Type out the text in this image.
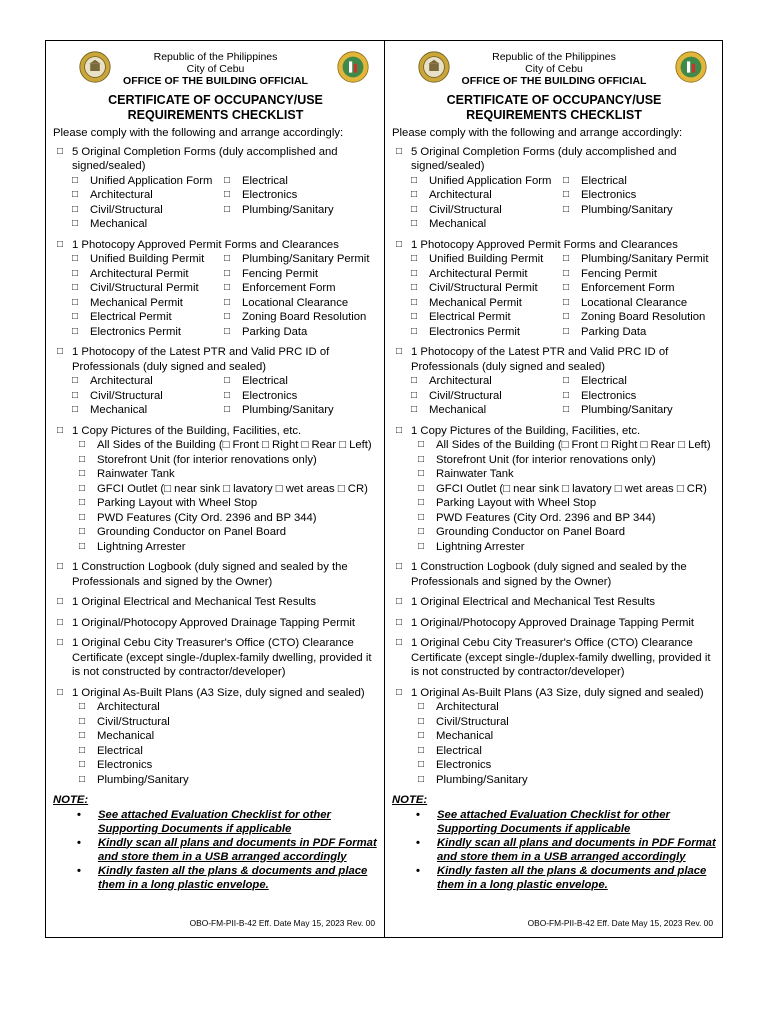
Republic of the Philippines
City of Cebu
OFFICE OF THE BUILDING OFFICIAL
CERTIFICATE OF OCCUPANCY/USE
REQUIREMENTS CHECKLIST
Please comply with the following and arrange accordingly:
□ 5 Original Completion Forms (duly accomplished and signed/sealed)
□ Unified Application Form	□ Electrical
□ Architectural	□ Electronics
□ Civil/Structural	□ Plumbing/Sanitary
□ Mechanical
□ 1 Photocopy Approved Permit Forms and Clearances
□ Unified Building Permit	□ Plumbing/Sanitary Permit
□ Architectural Permit	□ Fencing Permit
□ Civil/Structural Permit	□ Enforcement Form
□ Mechanical Permit	□ Locational Clearance
□ Electrical Permit	□ Zoning Board Resolution
□ Electronics Permit	□ Parking Data
□ 1 Photocopy of the Latest PTR and Valid PRC ID of Professionals (duly signed and sealed)
□ Architectural	□ Electrical
□ Civil/Structural	□ Electronics
□ Mechanical	□ Plumbing/Sanitary
□ 1 Copy Pictures of the Building, Facilities, etc.
□ All Sides of the Building (□ Front □ Right □ Rear □ Left)
□ Storefront Unit (for interior renovations only)
□ Rainwater Tank
□ GFCI Outlet (□ near sink □ lavatory □ wet areas □ CR)
□ Parking Layout with Wheel Stop
□ PWD Features (City Ord. 2396 and BP 344)
□ Grounding Conductor on Panel Board
□ Lightning Arrester
□ 1 Construction Logbook (duly signed and sealed by the Professionals and signed by the Owner)
□ 1 Original Electrical and Mechanical Test Results
□ 1 Original/Photocopy Approved Drainage Tapping Permit
□ 1 Original Cebu City Treasurer's Office (CTO) Clearance Certificate (except single-/duplex-family dwelling, provided it is not constructed by contractor/developer)
□ 1 Original As-Built Plans (A3 Size, duly signed and sealed)
□ Architectural
□ Civil/Structural
□ Mechanical
□ Electrical
□ Electronics
□ Plumbing/Sanitary
NOTE:
• See attached Evaluation Checklist for other Supporting Documents if applicable
• Kindly scan all plans and documents in PDF Format and store them in a USB arranged accordingly
• Kindly fasten all the plans & documents and place them in a long plastic envelope.
OBO-FM-PII-B-42 Eff. Date May 15, 2023 Rev. 00
Republic of the Philippines
City of Cebu
OFFICE OF THE BUILDING OFFICIAL
CERTIFICATE OF OCCUPANCY/USE
REQUIREMENTS CHECKLIST
Please comply with the following and arrange accordingly:
□ 5 Original Completion Forms (duly accomplished and signed/sealed)
□ Unified Application Form	□ Electrical
□ Architectural	□ Electronics
□ Civil/Structural	□ Plumbing/Sanitary
□ Mechanical
□ 1 Photocopy Approved Permit Forms and Clearances
□ Unified Building Permit	□ Plumbing/Sanitary Permit
□ Architectural Permit	□ Fencing Permit
□ Civil/Structural Permit	□ Enforcement Form
□ Mechanical Permit	□ Locational Clearance
□ Electrical Permit	□ Zoning Board Resolution
□ Electronics Permit	□ Parking Data
□ 1 Photocopy of the Latest PTR and Valid PRC ID of Professionals (duly signed and sealed)
□ Architectural	□ Electrical
□ Civil/Structural	□ Electronics
□ Mechanical	□ Plumbing/Sanitary
□ 1 Copy Pictures of the Building, Facilities, etc.
□ All Sides of the Building (□ Front □ Right □ Rear □ Left)
□ Storefront Unit (for interior renovations only)
□ Rainwater Tank
□ GFCI Outlet (□ near sink □ lavatory □ wet areas □ CR)
□ Parking Layout with Wheel Stop
□ PWD Features (City Ord. 2396 and BP 344)
□ Grounding Conductor on Panel Board
□ Lightning Arrester
□ 1 Construction Logbook (duly signed and sealed by the Professionals and signed by the Owner)
□ 1 Original Electrical and Mechanical Test Results
□ 1 Original/Photocopy Approved Drainage Tapping Permit
□ 1 Original Cebu City Treasurer's Office (CTO) Clearance Certificate (except single-/duplex-family dwelling, provided it is not constructed by contractor/developer)
□ 1 Original As-Built Plans (A3 Size, duly signed and sealed)
□ Architectural
□ Civil/Structural
□ Mechanical
□ Electrical
□ Electronics
□ Plumbing/Sanitary
NOTE:
• See attached Evaluation Checklist for other Supporting Documents if applicable
• Kindly scan all plans and documents in PDF Format and store them in a USB arranged accordingly
• Kindly fasten all the plans & documents and place them in a long plastic envelope.
OBO-FM-PII-B-42 Eff. Date May 15, 2023 Rev. 00
